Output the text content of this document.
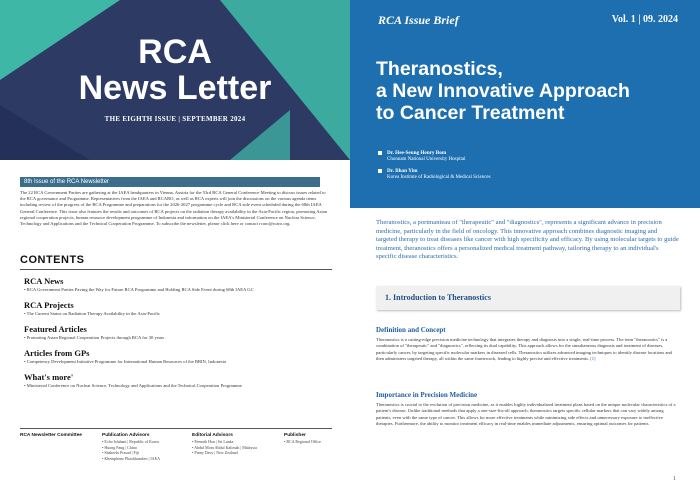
RCA
News Letter
THE EIGHTH ISSUE | SEPTEMBER 2024
8th Issue of the RCA Newsletter
The 22 RCA Government Parties are gathering at the IAEA headquarters in Vienna, Austria for the 53rd RCA General Conference Meeting to discuss issues related to the RCA governance and Programme. Representatives from the IAEA and RCARO, as well as RCA experts will join the discussions on the various agenda items including review of the progress of the RCA Programme and preparations for the 2026-2027 programme cycle and RCA side event scheduled during the 68th IAEA General Conference. This issue also features the results and outcomes of RCA projects on the radiation therapy availability in the Asia-Pacific region, promoting Asian regional cooperation projects, human resource development programme of Indonesia and information on the IAEA's Ministerial Conference on Nuclear Science, Technology and Applications and the Technical Cooperation Programme. To subscribe the newsletter, please click here or contact rcaro@rcaro.org.
CONTENTS
RCA News
• RCA Government Parties Paving the Way for Future RCA Programme and Holding RCA Side Event during 68th IAEA GC
RCA Projects
• The Current Status on Radiation Therapy Availability in the Asia-Pacific
Featured Articles
• Promoting Asian Regional Cooperation Projects through RCA for 30 years
Articles from GPs
• Competency Development Initiative Programme for International Human Resources of the BRIN, Indonesia
What's more'
• Ministerial Conference on Nuclear Science, Technology and Applications and the Technical Cooperation Programme
RCA Newsletter Committee	Publication Advisors
• Echo Isfahani | Republic of Korea
• Huong Pang | China
• Shakeelu Prasad | Fiji
• Khemphone Phaokhamkeo | IAEA
Editorial Advisors
• Peenath Hon | Sri Lanka
• Abdul Mom Abdul Kalimah | Malaysia
• Pinny Davy | New Zealand
Publisher
• RCA Regional Office
RCA Issue Brief	Vol. 1 | 09. 2024
Theranostics,
a New Innovative Approach
to Cancer Treatment
Dr. Hee-Seung Henry Bom
Chonnam National University Hospital
Dr. Ilhan Yim
Korea Institute of Radiological & Medical Sciences
Theranostics, a portmanteau of "therapeutic" and "diagnostics", represents a significant advance in precision medicine, particularly in the field of oncology. This innovative approach combines diagnostic imaging and targeted therapy to treat diseases like cancer with high specificity and efficacy. By using molecular targets to guide treatment, theranostics offers a personalized medical treatment pathway, tailoring therapy to an individual's specific disease characteristics.
1. Introduction to Theranostics
Definition and Concept
Theranostics is a cutting-edge precision medicine technology that integrates therapy and diagnosis into a single, real-time process. The term "theranostics" is a combination of "therapeutic" and "diagnostics", reflecting its dual capability. This approach allows for the simultaneous diagnosis and treatment of diseases, particularly cancer, by targeting specific molecular markers in diseased cells. Theranostics utilizes advanced imaging techniques to identify disease locations and then administers targeted therapy, all within the same framework, leading to highly precise and effective treatments. [1]
Importance in Precision Medicine
Theranostics is crucial to the evolution of precision medicine, as it enables highly individualized treatment plans based on the unique molecular characteristics of a patient's disease. Unlike traditional methods that apply a one-size-fits-all approach, theranostics targets specific cellular markers that can vary widely among patients, even with the same type of cancer. This allows for more effective treatments while minimizing side effects and unnecessary exposure to ineffective therapies. Furthermore, the ability to monitor treatment efficacy in real-time enables immediate adjustments, ensuring optimal outcomes for patients.
1
